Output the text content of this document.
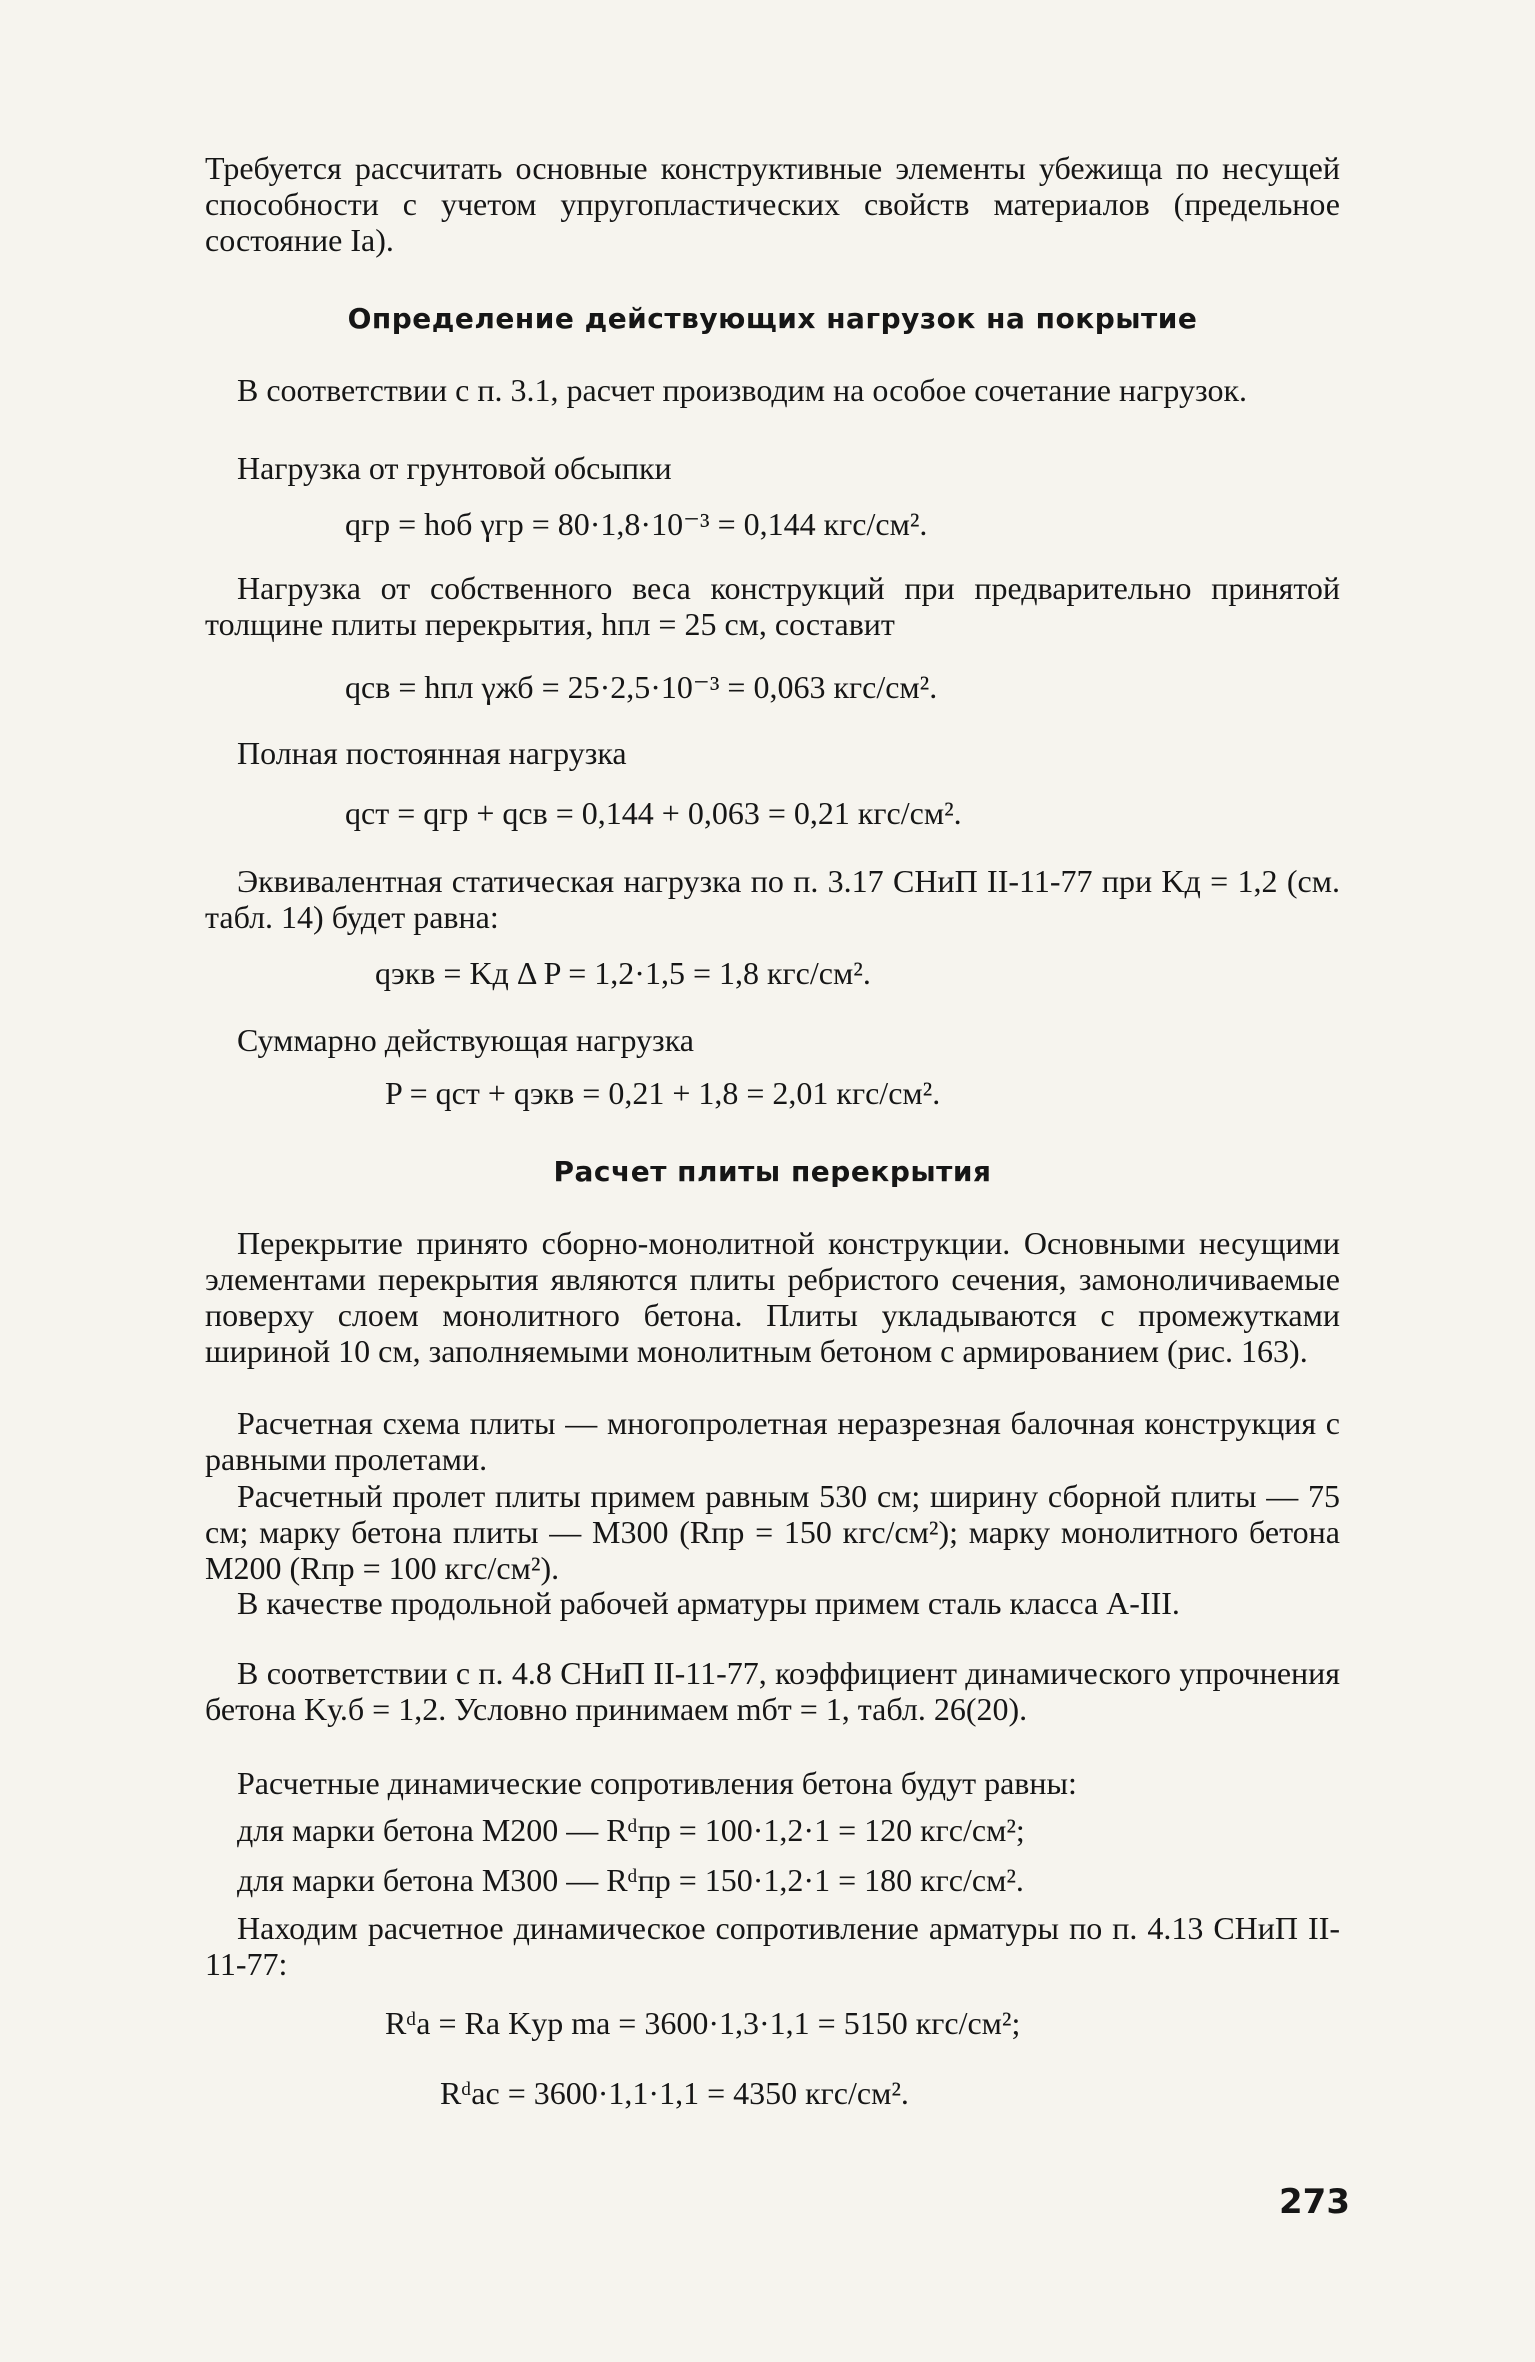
Требуется рассчитать основные конструктивные элементы убежища по несущей способности с учетом упругопластических свойств материалов (предельное состояние Iа).

Определение действующих нагрузок на покрытие

В соответствии с п. 3.1, расчет производим на особое сочетание нагрузок.

Нагрузка от грунтовой обсыпки

qгр = hоб γгр = 80·1,8·10⁻³ = 0,144 кгс/см².

Нагрузка от собственного веса конструкций при предварительно принятой толщине плиты перекрытия, hпл = 25 см, составит

qсв = hпл γжб = 25·2,5·10⁻³ = 0,063 кгс/см².

Полная постоянная нагрузка

qст = qгр + qсв = 0,144 + 0,063 = 0,21 кгс/см².

Эквивалентная статическая нагрузка по п. 3.17 СНиП II-11-77 при Kд = 1,2 (см. табл. 14) будет равна:

qэкв = Kд Δ P = 1,2·1,5 = 1,8 кгс/см².

Суммарно действующая нагрузка

P = qст + qэкв = 0,21 + 1,8 = 2,01 кгс/см².

Расчет плиты перекрытия

Перекрытие принято сборно-монолитной конструкции. Основными несущими элементами перекрытия являются плиты ребристого сечения, замоноличиваемые поверху слоем монолитного бетона. Плиты укладываются с промежутками шириной 10 см, заполняемыми монолитным бетоном с армированием (рис. 163).

Расчетная схема плиты — многопролетная неразрезная балочная конструкция с равными пролетами.

Расчетный пролет плиты примем равным 530 см; ширину сборной плиты — 75 см; марку бетона плиты — М300 (Rпр = 150 кгс/см²); марку монолитного бетона М200 (Rпр = 100 кгс/см²).

В качестве продольной рабочей арматуры примем сталь класса А-III.

В соответствии с п. 4.8 СНиП II-11-77, коэффициент динамического упрочнения бетона Kу.б = 1,2. Условно принимаем mбт = 1, табл. 26(20).

Расчетные динамические сопротивления бетона будут равны:

для марки бетона М200 — Rᵈпр = 100·1,2·1 = 120 кгс/см²;

для марки бетона М300 — Rᵈпр = 150·1,2·1 = 180 кгс/см².

Находим расчетное динамическое сопротивление арматуры по п. 4.13 СНиП II-11-77:

Rᵈа = Rа Kур mа = 3600·1,3·1,1 = 5150 кгс/см²;
Rᵈас = 3600·1,1·1,1 = 4350 кгс/см².
273
